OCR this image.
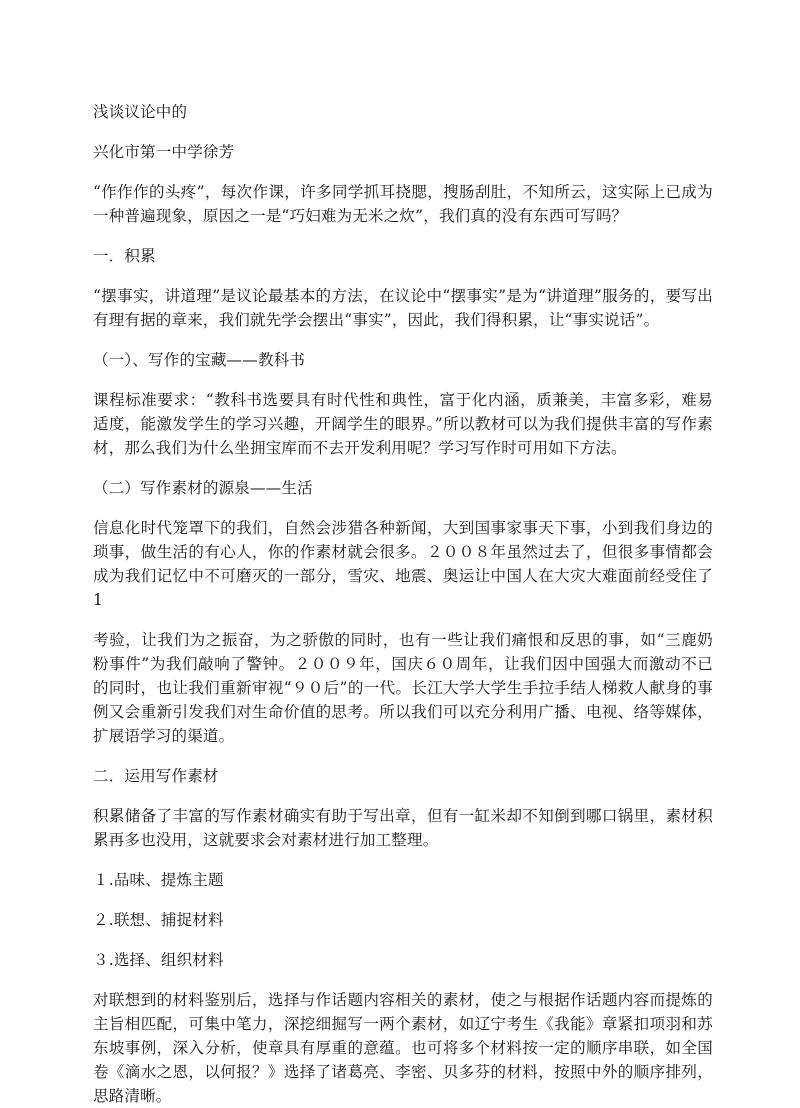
浅谈议论中的

兴化市第一中学徐芳

“作作作的头疼”，每次作课，许多同学抓耳挠腮，搜肠刮肚，不知所云，这实际上已成为一种普遍现象，原因之一是“巧妇难为无米之炊”，我们真的没有东西可写吗？

一．积累

“摆事实，讲道理”是议论最基本的方法，在议论中“摆事实”是为“讲道理”服务的，要写出有理有据的章来，我们就先学会摆出“事实”，因此，我们得积累，让“事实说话”。

（一）、写作的宝藏——教科书

课程标准要求：“教科书选要具有时代性和典性，富于化内涵，质兼美，丰富多彩，难易适度，能激发学生的学习兴趣，开阔学生的眼界。”所以教材可以为我们提供丰富的写作素材，那么我们为什么坐拥宝库而不去开发利用呢？学习写作时可用如下方法。

（二）写作素材的源泉——生活

信息化时代笼罩下的我们，自然会涉猎各种新闻，大到国事家事天下事，小到我们身边的琐事，做生活的有心人，你的作素材就会很多。２００８年虽然过去了，但很多事情都会成为我们记忆中不可磨灭的一部分，雪灾、地震、奥运让中国人在大灾大难面前经受住了1

考验，让我们为之振奋，为之骄傲的同时，也有一些让我们痛恨和反思的事，如“三鹿奶粉事件”为我们敲响了警钟。２００９年，国庆６０周年，让我们因中国强大而激动不已的同时，也让我们重新审视“９０后”的一代。长江大学大学生手拉手结人梯救人献身的事例又会重新引发我们对生命价值的思考。所以我们可以充分利用广播、电视、络等媒体，扩展语学习的渠道。

二．运用写作素材

积累储备了丰富的写作素材确实有助于写出章，但有一缸米却不知倒到哪口锅里，素材积累再多也没用，这就要求会对素材进行加工整理。

１.品味、提炼主题

２.联想、捕捉材料

３.选择、组织材料

对联想到的材料鉴别后，选择与作话题内容相关的素材，使之与根据作话题内容而提炼的主旨相匹配，可集中笔力，深挖细掘写一两个素材，如辽宁考生《我能》章紧扣项羽和苏东坡事例，深入分析，使章具有厚重的意蕴。也可将多个材料按一定的顺序串联，如全国卷《滴水之恩，以何报？》选择了诸葛亮、李密、贝多芬的材料，按照中外的顺序排列，思路清晰。
